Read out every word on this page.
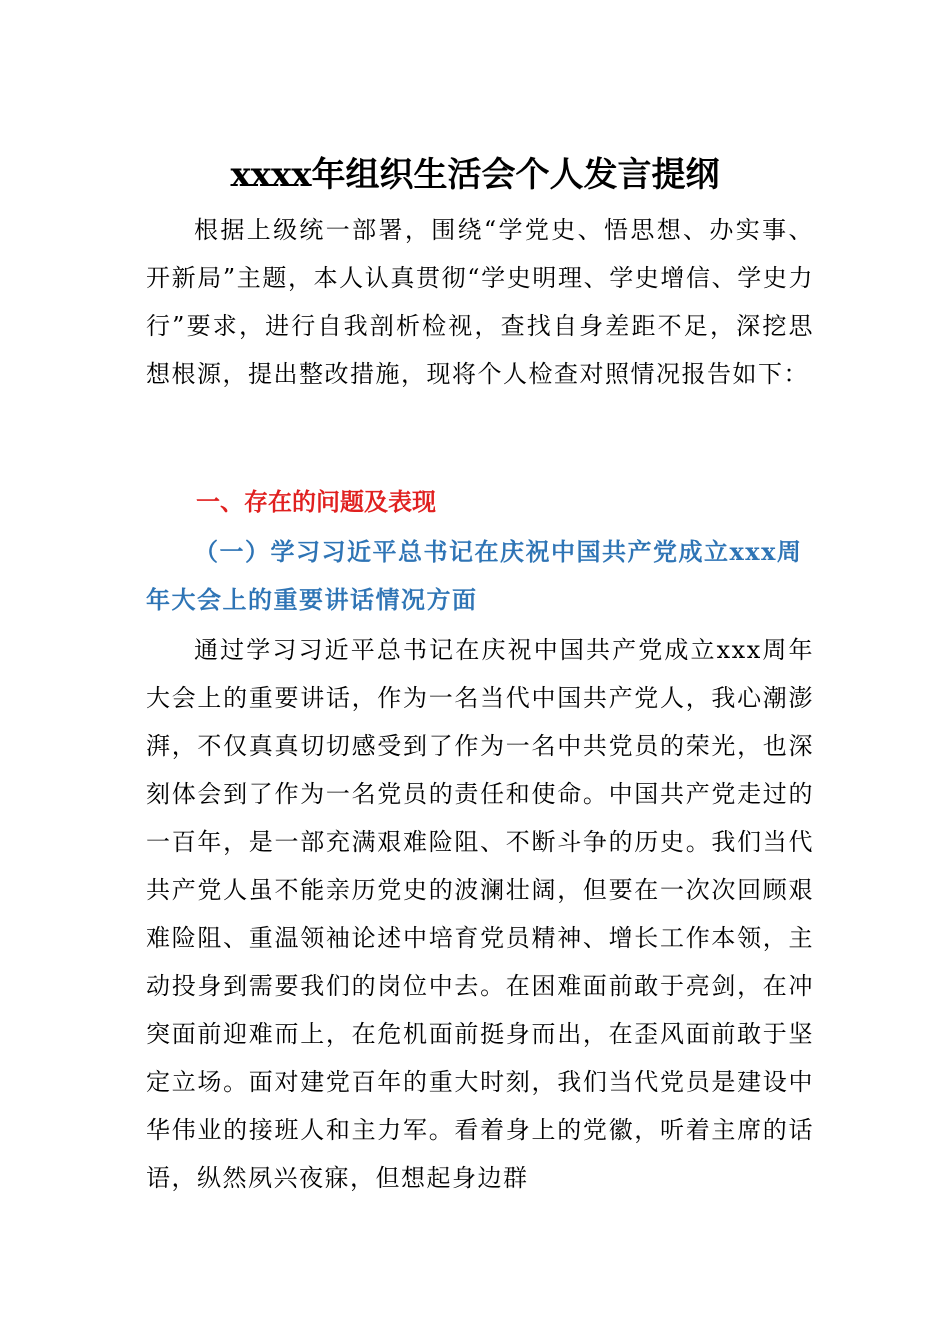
xxxx年组织生活会个人发言提纲

根据上级统一部署，围绕“学党史、悟思想、办实事、开新局”主题，本人认真贯彻“学史明理、学史增信、学史力行”要求，进行自我剖析检视，查找自身差距不足，深挖思想根源，提出整改措施，现将个人检查对照情况报告如下：

一、存在的问题及表现
（一）学习习近平总书记在庆祝中国共产党成立xxx周年大会上的重要讲话情况方面

通过学习习近平总书记在庆祝中国共产党成立xxx周年大会上的重要讲话，作为一名当代中国共产党人，我心潮澎湃，不仅真真切切感受到了作为一名中共党员的荣光，也深刻体会到了作为一名党员的责任和使命。中国共产党走过的一百年，是一部充满艰难险阻、不断斗争的历史。我们当代共产党人虽不能亲历党史的波澜壮阔，但要在一次次回顾艰难险阻、重温领袖论述中培育党员精神、增长工作本领，主动投身到需要我们的岗位中去。在困难面前敢于亮剑，在冲突面前迎难而上，在危机面前挺身而出，在歪风面前敢于坚定立场。面对建党百年的重大时刻，我们当代党员是建设中华伟业的接班人和主力军。看着身上的党徽，听着主席的话语，纵然夙兴夜寐，但想起身边群
